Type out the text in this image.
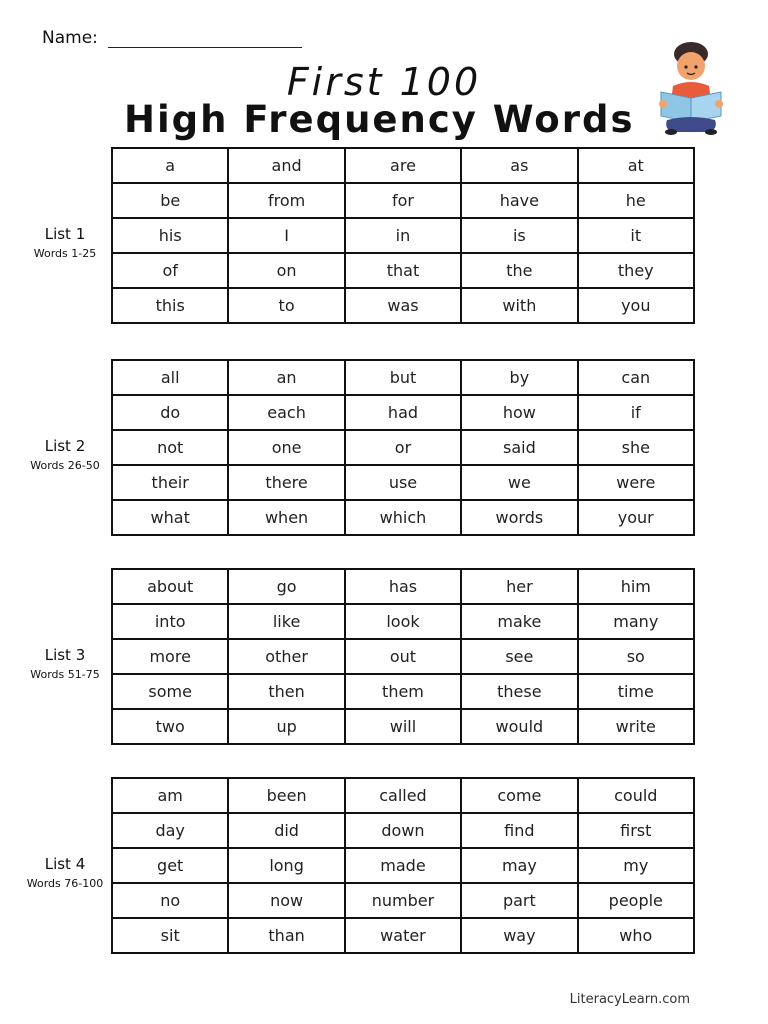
Name:
First 100
High Frequency Words
List 1
Words 1-25
a	and	are	as	at
be	from	for	have	he
his	I	in	is	it
of	on	that	the	they
this	to	was	with	you
List 2
Words 26-50
all	an	but	by	can
do	each	had	how	if
not	one	or	said	she
their	there	use	we	were
what	when	which	words	your
List 3
Words 51-75
about	go	has	her	him
into	like	look	make	many
more	other	out	see	so
some	then	them	these	time
two	up	will	would	write
List 4
Words 76-100
am	been	called	come	could
day	did	down	find	first
get	long	made	may	my
no	now	number	part	people
sit	than	water	way	who
LiteracyLearn.com
